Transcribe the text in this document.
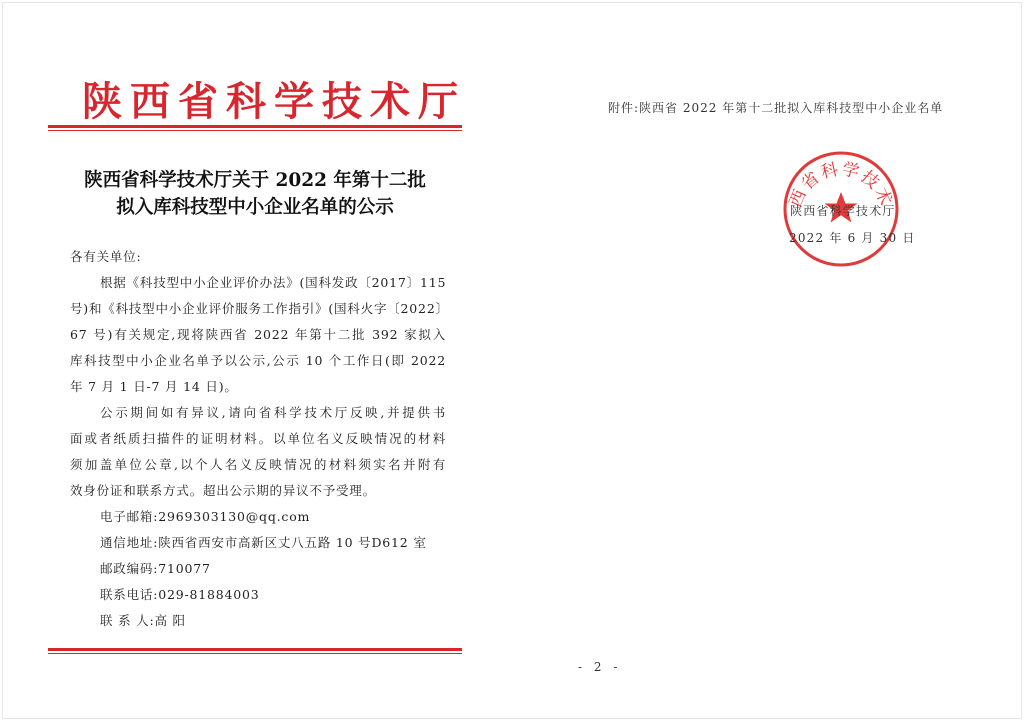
陕西省科学技术厅
陕西省科学技术厅关于 2022 年第十二批
拟入库科技型中小企业名单的公示
各有关单位:
根据《科技型中小企业评价办法》(国科发政〔2017〕115
号)和《科技型中小企业评价服务工作指引》(国科火字〔2022〕
67 号)有关规定,现将陕西省 2022 年第十二批 392 家拟入
库科技型中小企业名单予以公示,公示 10 个工作日(即 2022
年 7 月 1 日-7 月 14 日)。
公示期间如有异议,请向省科学技术厅反映,并提供书
面或者纸质扫描件的证明材料。以单位名义反映情况的材料
须加盖单位公章,以个人名义反映情况的材料须实名并附有
效身份证和联系方式。超出公示期的异议不予受理。
电子邮箱:2969303130@qq.com
通信地址:陕西省西安市高新区丈八五路 10 号D612 室
邮政编码:710077
联系电话:029-81884003
联 系 人:高 阳
附件:陕西省 2022 年第十二批拟入库科技型中小企业名单
西省科学技术
陕西省科学技术厅
2022 年 6 月 30 日
- 2 -
